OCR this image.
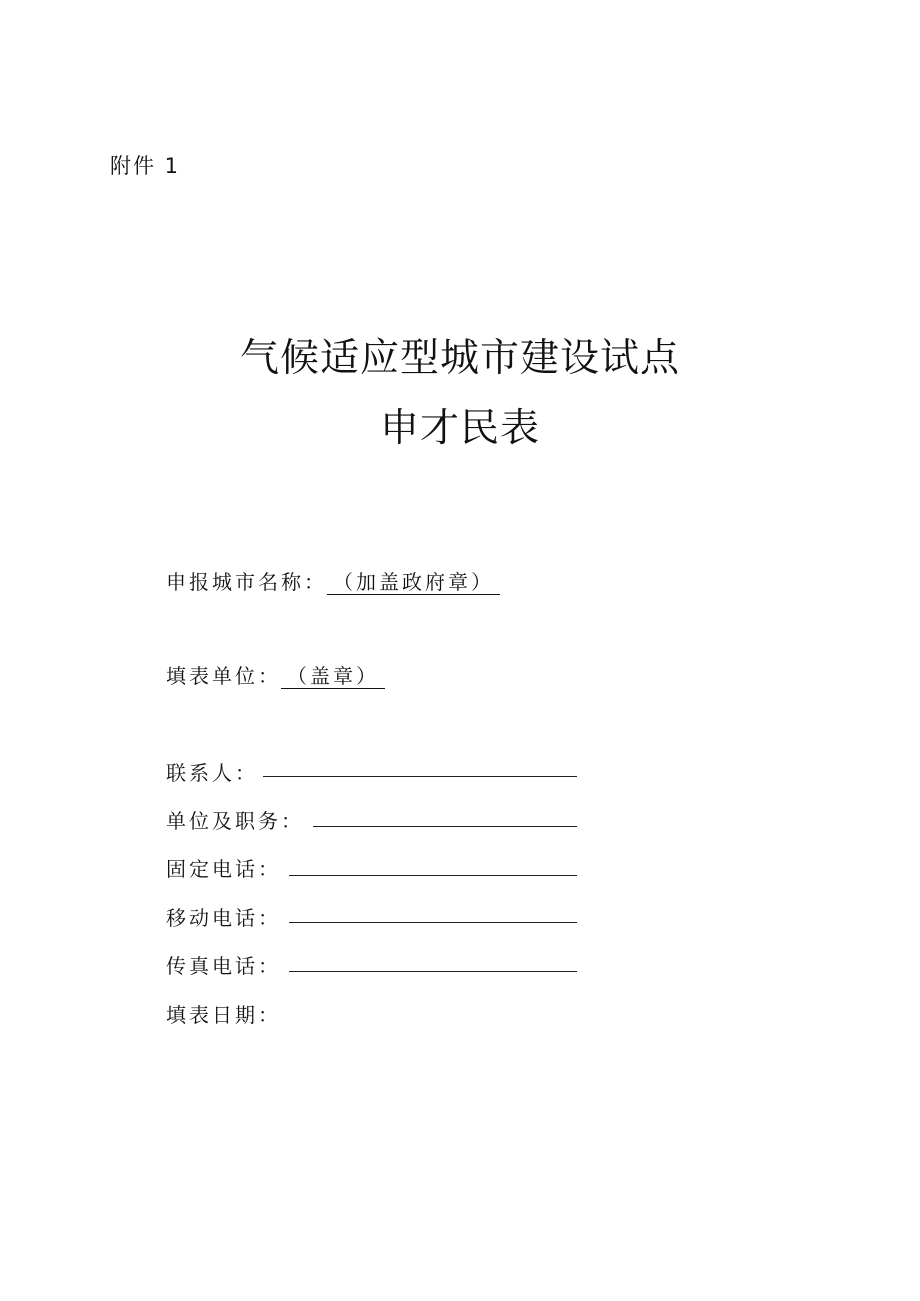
附件 1
气候适应型城市建设试点
申才民表
申报城市名称： （加盖政府章）
填表单位： （盖章）
联系人：
单位及职务：
固定电话：
移动电话：
传真电话：
填表日期：
